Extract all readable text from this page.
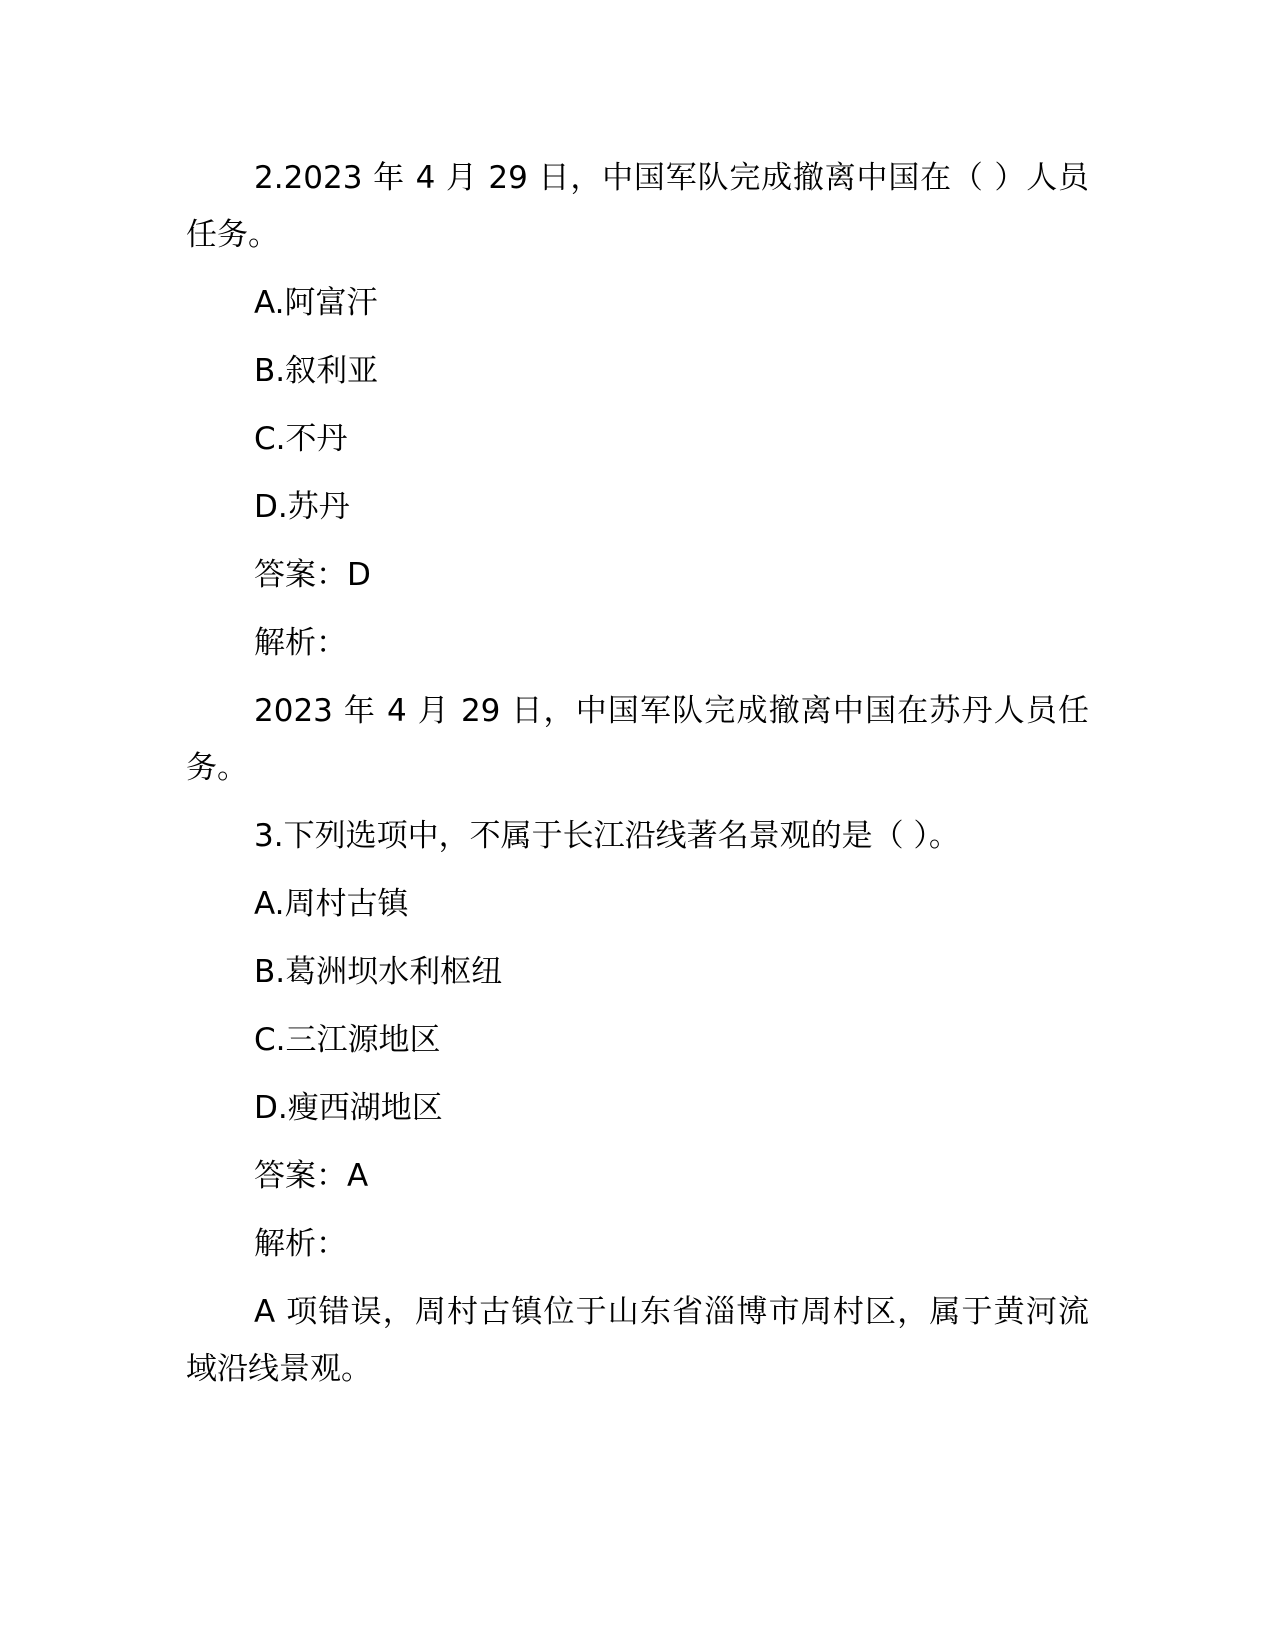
2.2023 年 4 月 29 日，中国军队完成撤离中国在（ ）人员任务。

A.阿富汗

B.叙利亚

C.不丹

D.苏丹

答案：D

解析：

2023 年 4 月 29 日，中国军队完成撤离中国在苏丹人员任务。

3.下列选项中，不属于长江沿线著名景观的是（ ）。

A.周村古镇

B.葛洲坝水利枢纽

C.三江源地区

D.瘦西湖地区

答案：A

解析：

A 项错误，周村古镇位于山东省淄博市周村区，属于黄河流域沿线景观。
